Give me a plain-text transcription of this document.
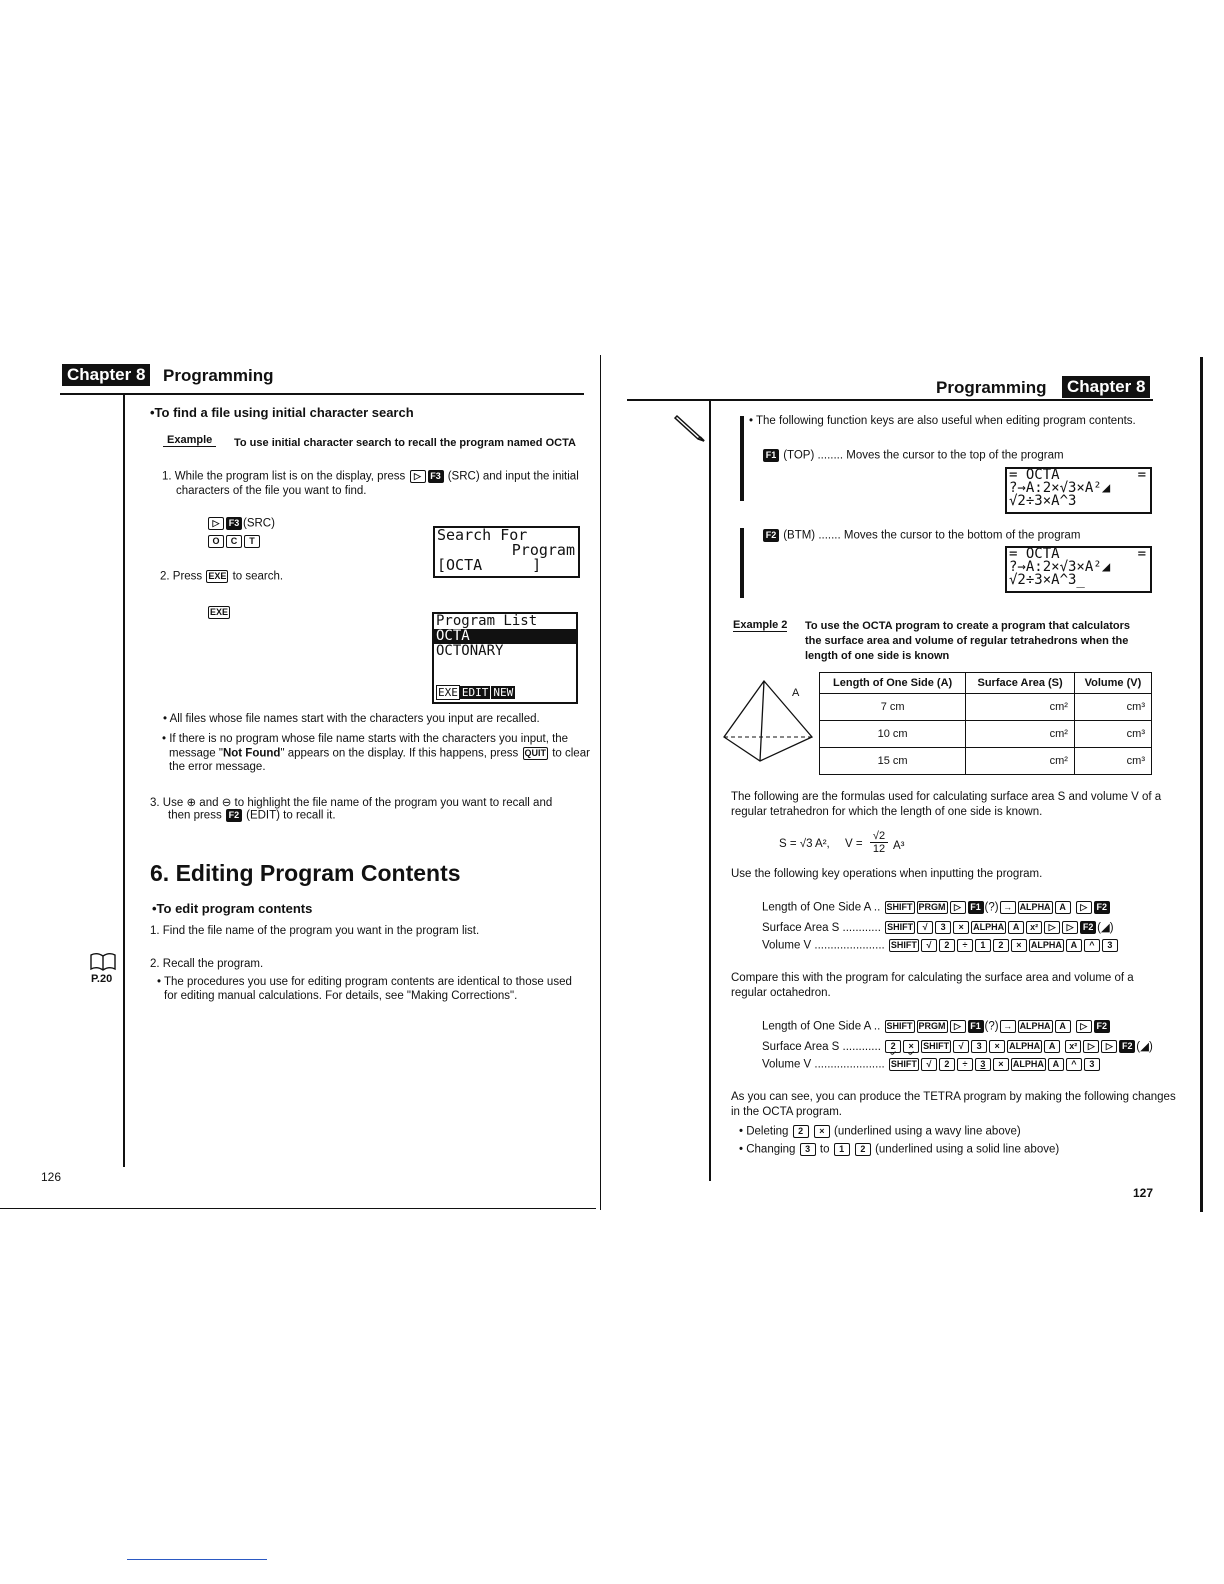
Chapter 8 Programming
•To find a file using initial character search
Example	To use initial character search to recall the program named OCTA
1. While the program list is on the display, press ▷ F3 (SRC) and input the initial
characters of the file you want to find.
▷ F3 (SRC)
O C T	Search For
Program
[OCTA	]
2. Press EXE to search.
EXE
Program List
OCTA
OCTONARY
EXE EDIT NEW
• All files whose file names start with the characters you input are recalled.
• If there is no program whose file name starts with the characters you input, the
message "Not Found" appears on the display. If this happens, press QUIT to clear
the error message.
3. Use ⊕ and ⊖ to highlight the file name of the program you want to recall and
then press F2 (EDIT) to recall it.
6. Editing Program Contents
•To edit program contents
1. Find the file name of the program you want in the program list.
2. Recall the program.
• The procedures you use for editing program contents are identical to those used
for editing manual calculations. For details, see "Making Corrections".
P.20
126
Programming Chapter 8
• The following function keys are also useful when editing program contents.
F1 (TOP) ........ Moves the cursor to the top of the program
= OCTA	=
?→A:2×√3×A²◢
√2÷3×A^3
F2 (BTM) ....... Moves the cursor to the bottom of the program
= OCTA	=
?→A:2×√3×A²◢
√2÷3×A^3_
Example 2 To use the OCTA program to create a program that calculators
the surface area and volume of regular tetrahedrons when the
length of one side is known
A
Length of One Side (A)	Surface Area (S)	Volume (V)
7 cm	cm²	cm³
10 cm	cm²	cm³
15 cm	cm²	cm³
The following are the formulas used for calculating surface area S and volume V of a
regular tetrahedron for which the length of one side is known.
S = √3 A², $V = \frac{√2}{12} A^3$
Use the following key operations when inputting the program.
Length of One Side A .. SHIFT PRGM ▷ F1 (?) → ALPHA A ▷ F2
Surface Area S ............ SHIFT √ 3 × ALPHA A x² ▷ ▷ F2 (◢)
Volume V ...................... SHIFT √ 2 ÷ 1 2 × ALPHA A ^ 3
Compare this with the program for calculating the surface area and volume of a
regular octahedron.
Length of One Side A .. SHIFT PRGM ▷ F1 (?) → ALPHA A ▷ F2
Surface Area S ............ 2 × SHIFT √ 3 × ALPHA A x² ▷ ▷ F2 (◢)
Volume V ...................... SHIFT √ 2 ÷ 3 × ALPHA A ^ 3
As you can see, you can produce the TETRA program by making the following changes
in the OCTA program.
• Deleting 2 × (underlined using a wavy line above)
• Changing 3 to 1 2 (underlined using a solid line above)
127
